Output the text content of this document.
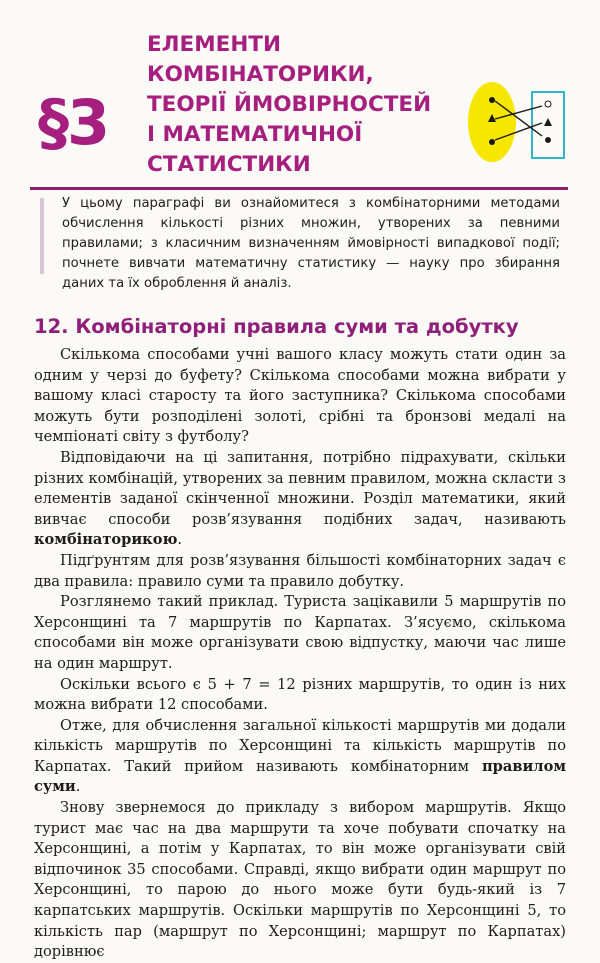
§3
ЕЛЕМЕНТИ
КОМБІНАТОРИКИ,
ТЕОРІЇ ЙМОВІРНОСТЕЙ
І МАТЕМАТИЧНОЇ
СТАТИСТИКИ
У цьому параграфі ви ознайомитеся з комбінаторними методами обчислення кількості різних множин, утворених за певними правилами; з класичним визначенням ймовірності випадкової події; почнете вивчати математичну статистику — науку про збирання даних та їх оброблення й аналіз.
12. Комбінаторні правила суми та добутку

Скількома способами учні вашого класу можуть стати один за одним у черзі до буфету? Скількома способами можна вибрати у вашому класі старосту та його заступника? Скількома способами можуть бути розподілені золоті, срібні та бронзові медалі на чемпіонаті світу з футболу?

Відповідаючи на ці запитання, потрібно підрахувати, скільки різних комбінацій, утворених за певним правилом, можна скласти з елементів заданої скінченної множини. Розділ математики, який вивчає способи розв’язування подібних задач, називають комбінаторикою.

Підґрунтям для розв’язування більшості комбінаторних задач є два правила: правило суми та правило добутку.

Розглянемо такий приклад. Туриста зацікавили 5 маршрутів по Херсонщині та 7 маршрутів по Карпатах. З’ясуємо, скількома способами він може організувати свою відпустку, маючи час лише на один маршрут.

Оскільки всього є 5 + 7 = 12 різних маршрутів, то один із них можна вибрати 12 способами.

Отже, для обчислення загальної кількості маршрутів ми додали кількість маршрутів по Херсонщині та кількість маршрутів по Карпатах. Такий прийом називають комбінаторним правилом суми.

Знову звернемося до прикладу з вибором маршрутів. Якщо турист має час на два маршрути та хоче побувати спочатку на Херсонщині, а потім у Карпатах, то він може організувати свій відпочинок 35 способами. Справді, якщо вибрати один маршрут по Херсонщині, то парою до нього може бути будь-який із 7 карпатських маршрутів. Оскільки маршрутів по Херсонщині 5, то кількість пар (маршрут по Херсонщині; маршрут по Карпатах) дорівнює
